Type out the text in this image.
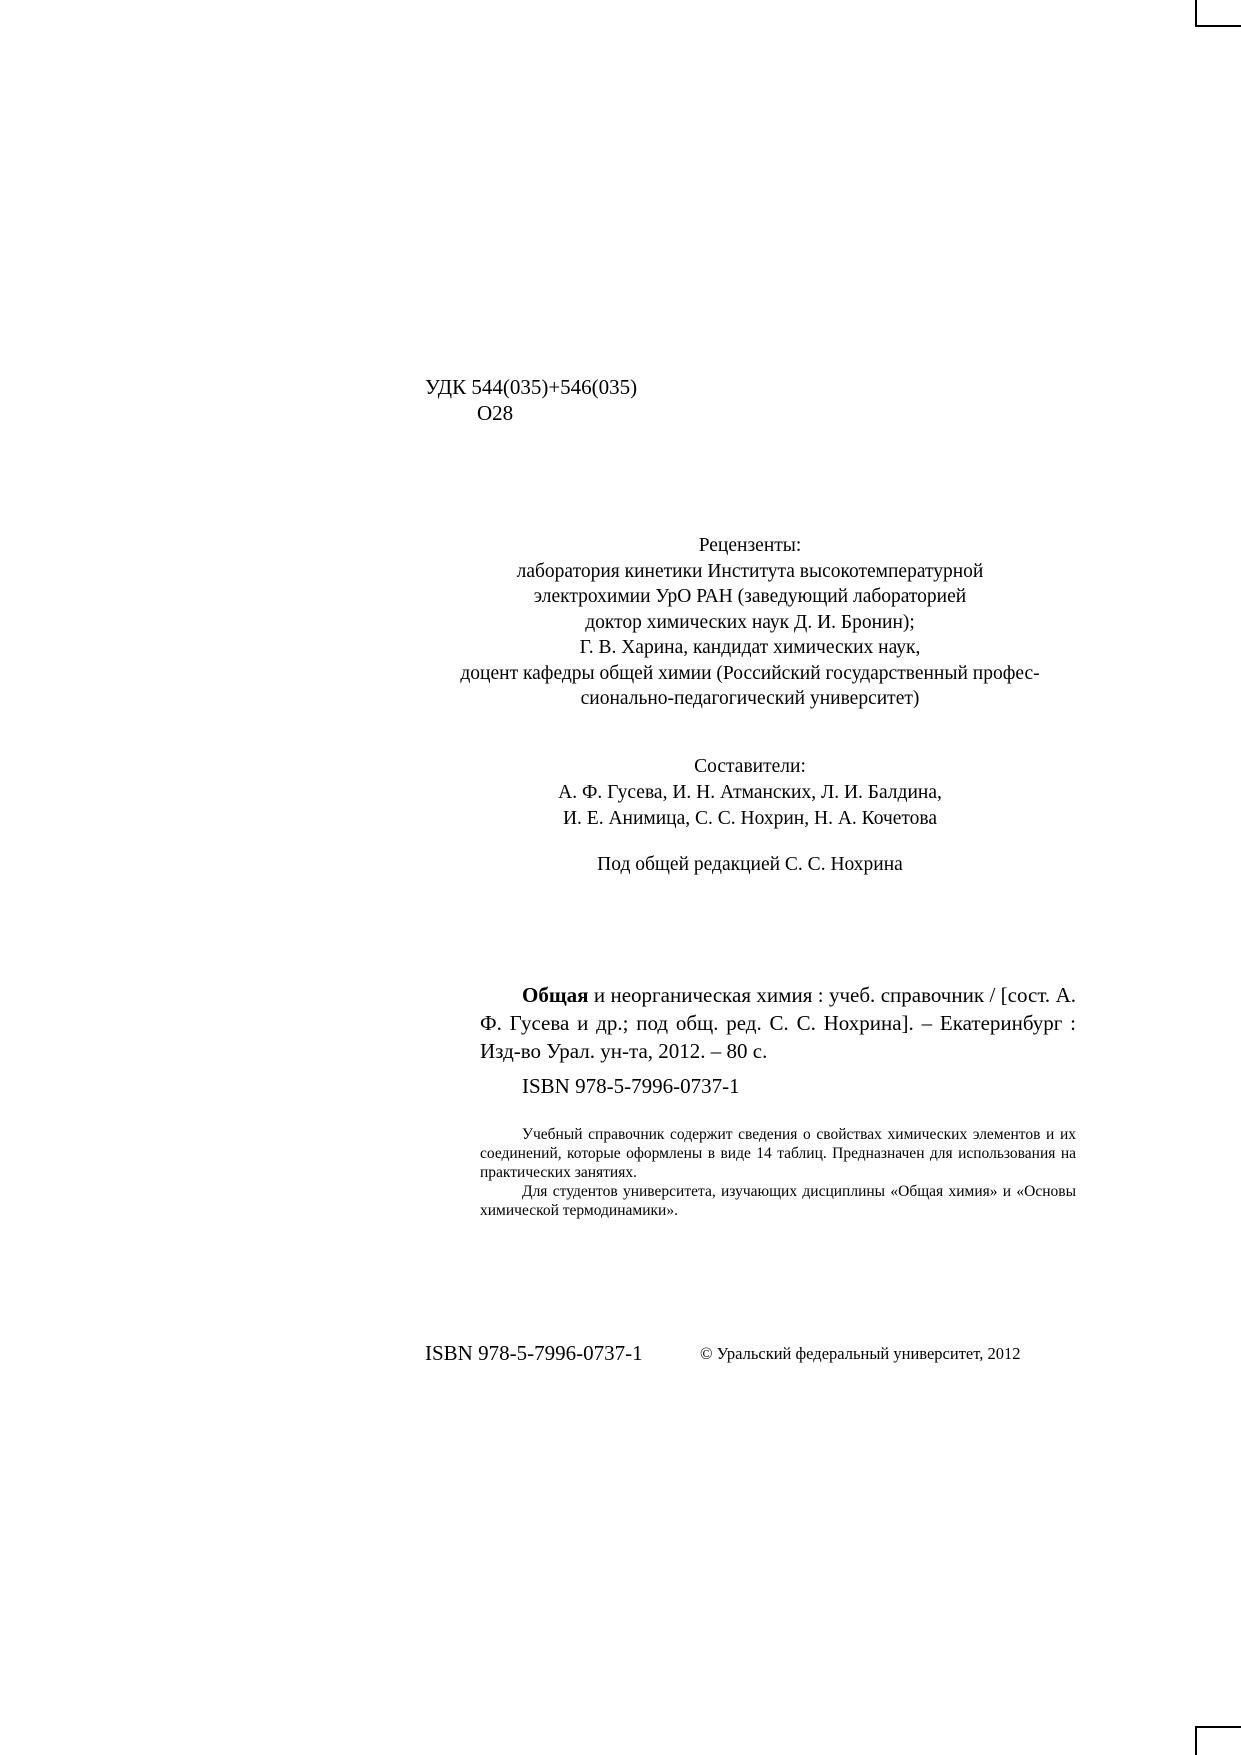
УДК 544(035)+546(035)
О28
Рецензенты:
лаборатория кинетики Института высокотемпературной
электрохимии УрО РАН (заведующий лабораторией
доктор химических наук Д. И. Бронин);
Г. В. Харина, кандидат химических наук,
доцент кафедры общей химии (Российский государственный профес-
сионально-педагогический университет)
Составители:
А. Ф. Гусева, И. Н. Атманских, Л. И. Балдина,
И. Е. Анимица, С. С. Нохрин, Н. А. Кочетова
Под общей редакцией С. С. Нохрина
Общая и неорганическая химия : учеб. справочник / [сост. А. Ф. Гусева и др.; под общ. ред. С. С. Нохрина]. – Екатеринбург : Изд-во Урал. ун-та, 2012. – 80 с.
ISBN 978-5-7996-0737-1

Учебный справочник содержит сведения о свойствах химических элементов и их соединений, которые оформлены в виде 14 таблиц. Предназначен для использования на практических занятиях.

Для студентов университета, изучающих дисциплины «Общая химия» и «Основы химической термодинамики».

ISBN 978-5-7996-0737-1	© Уральский федеральный университет, 2012
